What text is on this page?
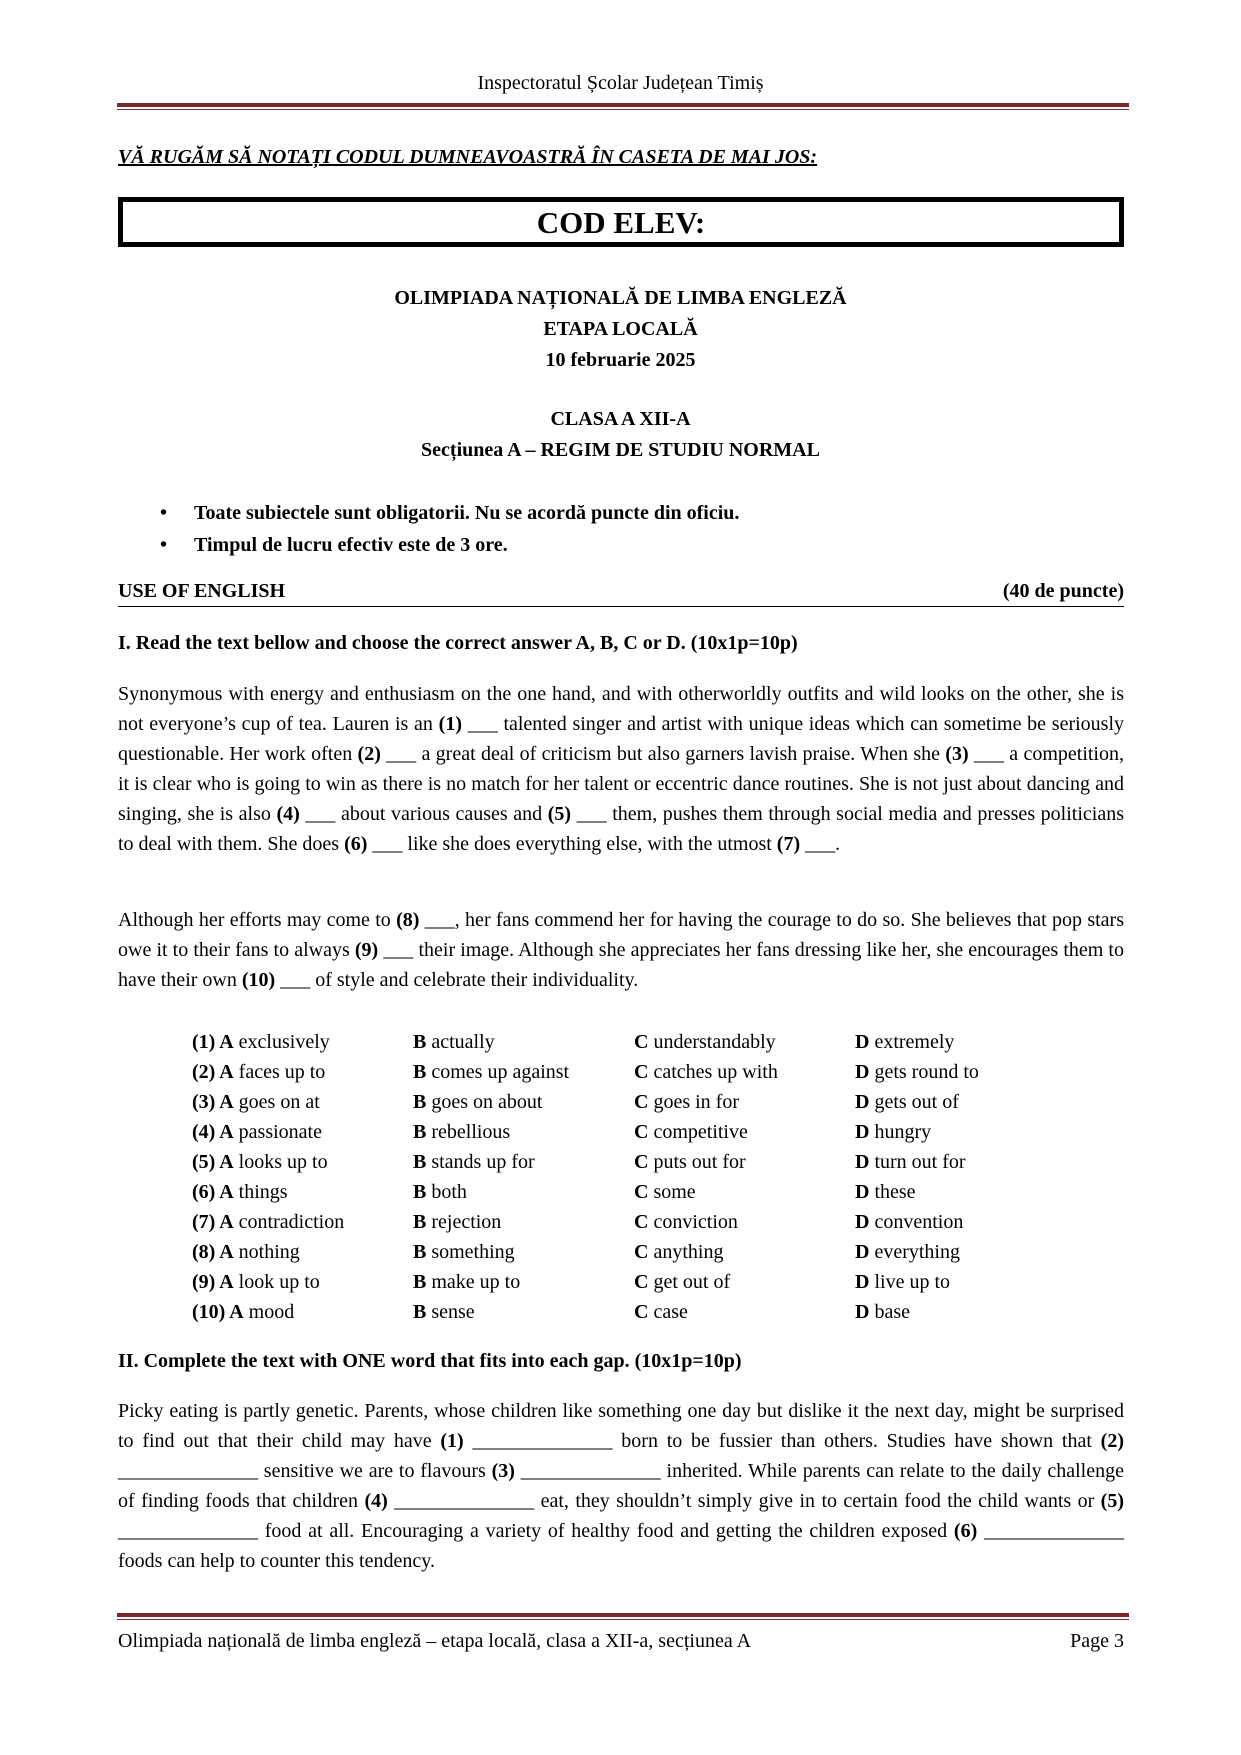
Inspectoratul Școlar Județean Timiș
VĂ RUGĂM SĂ NOTAȚI CODUL DUMNEAVOASTRĂ ÎN CASETA DE MAI JOS:
COD ELEV:
OLIMPIADA NAȚIONALĂ DE LIMBA ENGLEZĂ
ETAPA LOCALĂ
10 februarie 2025
CLASA A XII-A
Secțiunea A – REGIM DE STUDIU NORMAL
• Toate subiectele sunt obligatorii. Nu se acordă puncte din oficiu.
• Timpul de lucru efectiv este de 3 ore.
USE OF ENGLISH	(40 de puncte)
I. Read the text bellow and choose the correct answer A, B, C or D. (10x1p=10p)
Synonymous with energy and enthusiasm on the one hand, and with otherworldly outfits and wild looks on the other, she is not everyone’s cup of tea. Lauren is an (1) ___ talented singer and artist with unique ideas which can sometime be seriously questionable. Her work often (2) ___ a great deal of criticism but also garners lavish praise. When she (3) ___ a competition, it is clear who is going to win as there is no match for her talent or eccentric dance routines. She is not just about dancing and singing, she is also (4) ___ about various causes and (5) ___ them, pushes them through social media and presses politicians to deal with them. She does (6) ___ like she does everything else, with the utmost (7) ___.
Although her efforts may come to (8) ___, her fans commend her for having the courage to do so. She believes that pop stars owe it to their fans to always (9) ___ their image. Although she appreciates her fans dressing like her, she encourages them to have their own (10) ___ of style and celebrate their individuality.
(1) A exclusively	B actually	C understandably	D extremely
(2) A faces up to	B comes up against	C catches up with	D gets round to
(3) A goes on at	B goes on about	C goes in for	D gets out of
(4) A passionate	B rebellious	C competitive	D hungry
(5) A looks up to	B stands up for	C puts out for	D turn out for
(6) A things	B both	C some	D these
(7) A contradiction	B rejection	C conviction	D convention
(8) A nothing	B something	C anything	D everything
(9) A look up to	B make up to	C get out of	D live up to
(10) A mood	B sense	C case	D base
II. Complete the text with ONE word that fits into each gap. (10x1p=10p)
Picky eating is partly genetic. Parents, whose children like something one day but dislike it the next day, might be surprised to find out that their child may have (1) ______________ born to be fussier than others. Studies have shown that (2) ______________ sensitive we are to flavours (3) ______________ inherited. While parents can relate to the daily challenge of finding foods that children (4) ______________ eat, they shouldn’t simply give in to certain food the child wants or (5) ______________ food at all. Encouraging a variety of healthy food and getting the children exposed (6) ______________ foods can help to counter this tendency.
Olimpiada națională de limba engleză – etapa locală, clasa a XII-a, secțiunea A	Page 3
